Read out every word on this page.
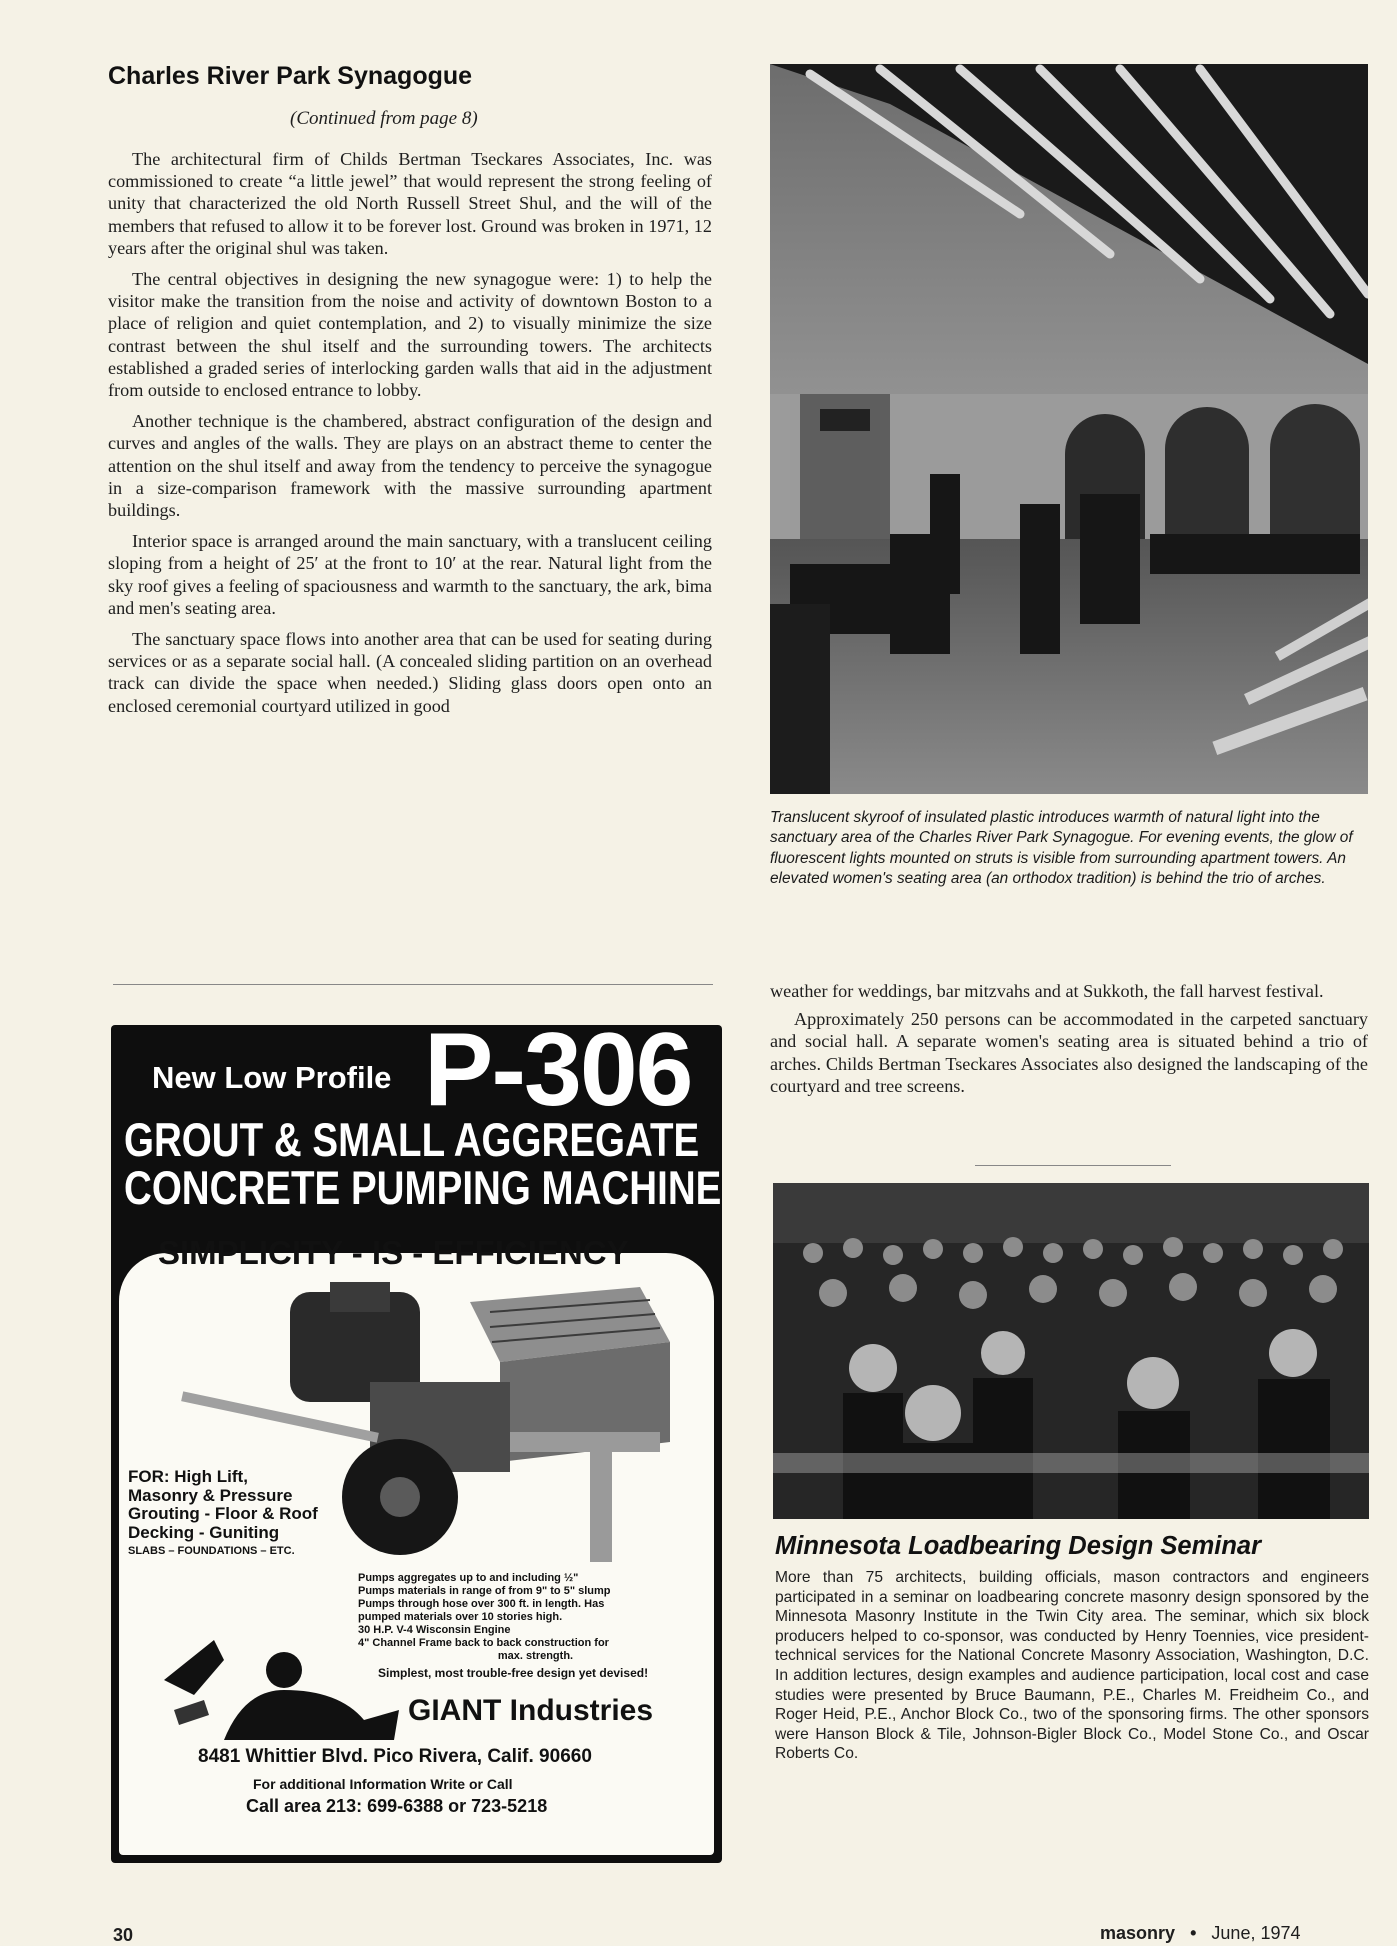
Charles River Park Synagogue
(Continued from page 8)

The architectural firm of Childs Bertman Tseckares Associates, Inc. was commissioned to create “a little jewel” that would represent the strong feeling of unity that characterized the old North Russell Street Shul, and the will of the members that refused to allow it to be forever lost. Ground was broken in 1971, 12 years after the original shul was taken.

The central objectives in designing the new synagogue were: 1) to help the visitor make the transition from the noise and activity of downtown Boston to a place of religion and quiet contemplation, and 2) to visually minimize the size contrast between the shul itself and the surrounding towers. The architects established a graded series of interlocking garden walls that aid in the adjustment from outside to enclosed entrance to lobby.

Another technique is the chambered, abstract configuration of the design and curves and angles of the walls. They are plays on an abstract theme to center the attention on the shul itself and away from the tendency to perceive the synagogue in a size-comparison framework with the massive surrounding apartment buildings.

Interior space is arranged around the main sanctuary, with a translucent ceiling sloping from a height of 25′ at the front to 10′ at the rear. Natural light from the sky roof gives a feeling of spaciousness and warmth to the sanctuary, the ark, bima and men's seating area.

The sanctuary space flows into another area that can be used for seating during services or as a separate social hall. (A concealed sliding partition on an overhead track can divide the space when needed.) Sliding glass doors open onto an enclosed ceremonial courtyard utilized in good

Translucent skyroof of insulated plastic introduces warmth of natural light into the sanctuary area of the Charles River Park Synagogue. For evening events, the glow of fluorescent lights mounted on struts is visible from surrounding apartment towers. An elevated women's seating area (an orthodox tradition) is behind the trio of arches.

weather for weddings, bar mitzvahs and at Sukkoth, the fall harvest festival.

Approximately 250 persons can be accommodated in the carpeted sanctuary and social hall. A separate women's seating area is situated behind a trio of arches. Childs Bertman Tseckares Associates also designed the landscaping of the courtyard and tree screens.

Minnesota Loadbearing Design Seminar
More than 75 architects, building officials, mason contractors and engineers participated in a seminar on loadbearing concrete masonry design sponsored by the Minnesota Masonry Institute in the Twin City area. The seminar, which six block producers helped to co-sponsor, was conducted by Henry Toennies, vice president-technical services for the National Concrete Masonry Association, Washington, D.C. In addition lectures, design examples and audience participation, local cost and case studies were presented by Bruce Baumann, P.E., Charles M. Freidheim Co., and Roger Heid, P.E., Anchor Block Co., two of the sponsoring firms. The other sponsors were Hanson Block & Tile, Johnson-Bigler Block Co., Model Stone Co., and Oscar Roberts Co.
New Low Profile P-306
GROUT & SMALL AGGREGATE
CONCRETE PUMPING MACHINE
SIMPLICITY - IS - EFFICIENCY
FOR: High Lift,
Masonry & Pressure
Grouting - Floor & Roof
Decking - Guniting
SLABS – FOUNDATIONS – ETC.
Pumps aggregates up to and including ½"
Pumps materials in range of from 9" to 5" slump
Pumps through hose over 300 ft. in length. Has
pumped materials over 10 stories high.
30 H.P. V-4 Wisconsin Engine
4" Channel Frame back to back construction for
max. strength.
Simplest, most trouble-free design yet devised!
GIANT Industries
8481 Whittier Blvd. Pico Rivera, Calif. 90660
For additional Information Write or Call
Call area 213: 699-6388 or 723-5218
30	masonry • June, 1974
